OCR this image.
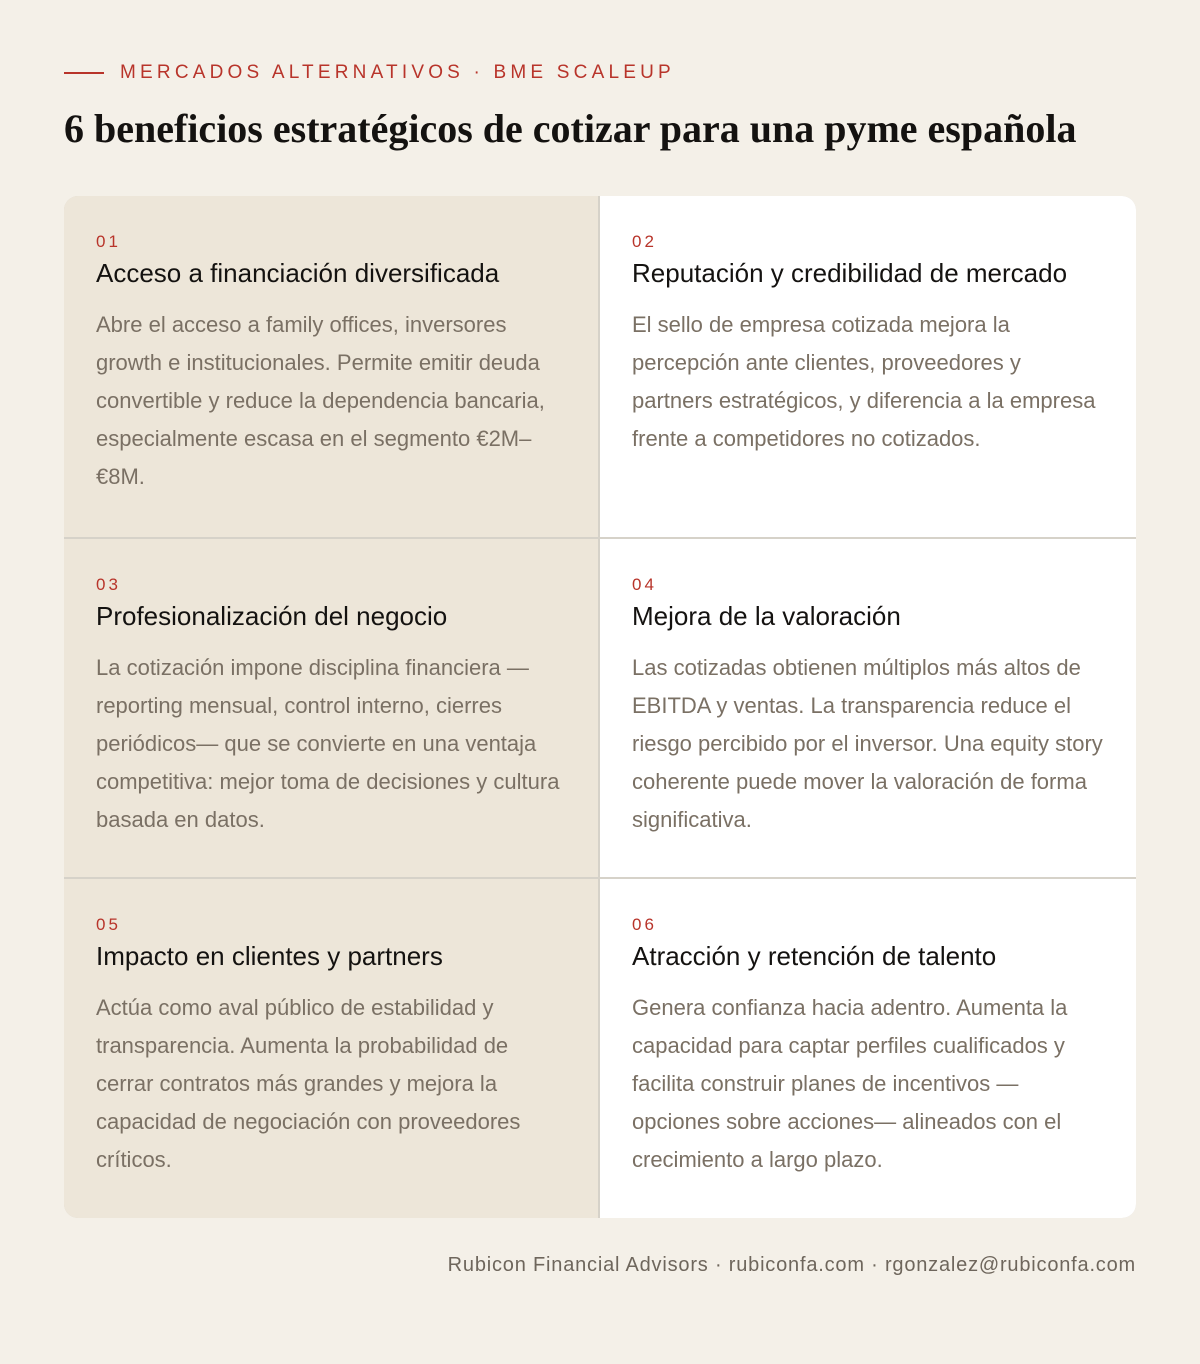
MERCADOS ALTERNATIVOS · BME SCALEUP
6 beneficios estratégicos de cotizar para una pyme española
01
Acceso a financiación diversificada

Abre el acceso a family offices, inversores growth e institucionales. Permite emitir deuda convertible y reduce la dependencia bancaria, especialmente escasa en el segmento €2M–€8M.

02
Reputación y credibilidad de mercado

El sello de empresa cotizada mejora la percepción ante clientes, proveedores y partners estratégicos, y diferencia a la empresa frente a competidores no cotizados.

03
Profesionalización del negocio

La cotización impone disciplina financiera —reporting mensual, control interno, cierres periódicos— que se convierte en una ventaja competitiva: mejor toma de decisiones y cultura basada en datos.

04
Mejora de la valoración

Las cotizadas obtienen múltiplos más altos de EBITDA y ventas. La transparencia reduce el riesgo percibido por el inversor. Una equity story coherente puede mover la valoración de forma significativa.

05
Impacto en clientes y partners

Actúa como aval público de estabilidad y transparencia. Aumenta la probabilidad de cerrar contratos más grandes y mejora la capacidad de negociación con proveedores críticos.

06
Atracción y retención de talento

Genera confianza hacia adentro. Aumenta la capacidad para captar perfiles cualificados y facilita construir planes de incentivos —opciones sobre acciones— alineados con el crecimiento a largo plazo.

Rubicon Financial Advisors · rubiconfa.com · rgonzalez@rubiconfa.com
